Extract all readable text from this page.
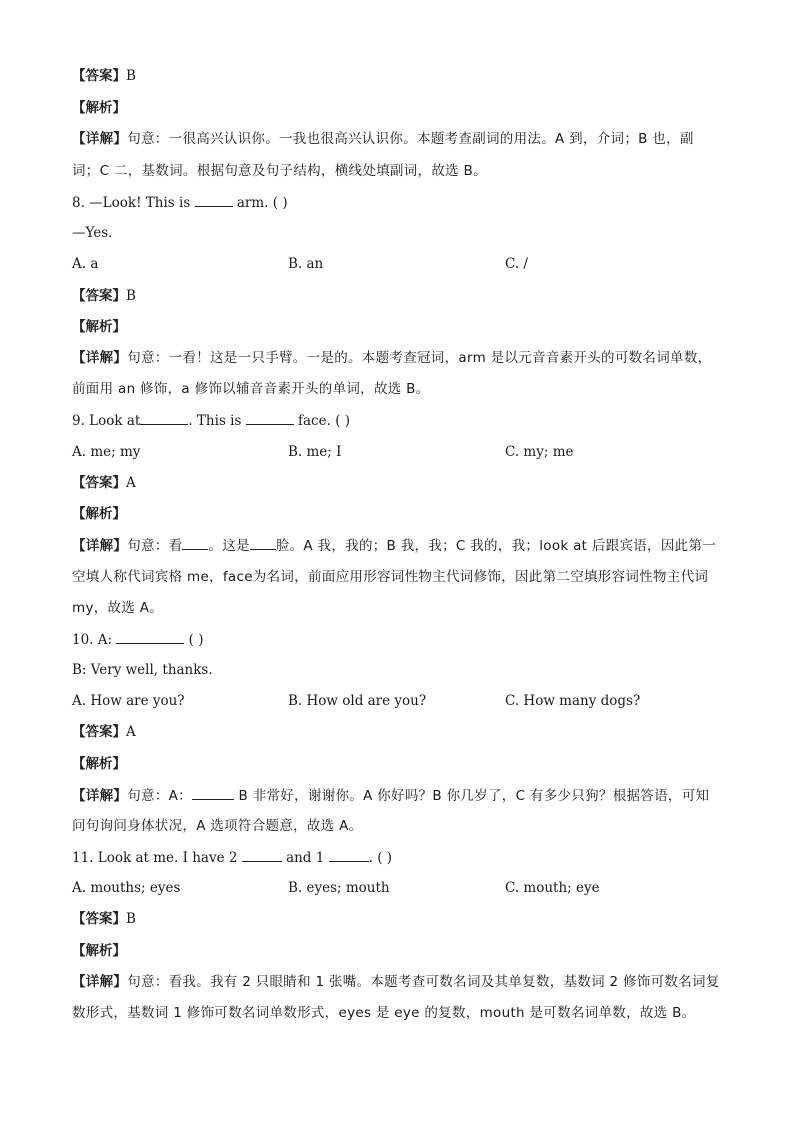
【答案】B
【解析】
【详解】句意：一很高兴认识你。一我也很高兴认识你。本题考查副词的用法。A 到，介词；B 也，副
词；C 二，基数词。根据句意及句子结构，横线处填副词，故选 B。
8. —Look! This is	arm. ( )
—Yes.
A. a	B. an	C. /
【答案】B
【解析】
【详解】句意：一看！这是一只手臂。一是的。本题考查冠词，arm 是以元音音素开头的可数名词单数，
前面用 an 修饰，a 修饰以辅音音素开头的单词，故选 B。
9. Look at	. This is	face. ( )
A. me; my	B. me; I	C. my; me
【答案】A
【解析】
【详解】句意：看 。这是 脸。A 我，我的；B 我，我；C 我的，我；look at 后跟宾语，因此第一
空填人称代词宾格 me，face为名词，前面应用形容词性物主代词修饰，因此第二空填形容词性物主代词
my，故选 A。
10. A:	( )
B: Very well, thanks.
A. How are you?	B. How old are you?	C. How many dogs?
【答案】A
【解析】
【详解】句意：A：	B 非常好，谢谢你。A 你好吗？B 你几岁了，C 有多少只狗？根据答语，可知
问句询问身体状况，A 选项符合题意，故选 A。
11. Look at me. I have 2	and 1	. ( )
A. mouths; eyes	B. eyes; mouth	C. mouth; eye
【答案】B
【解析】
【详解】句意：看我。我有 2 只眼睛和 1 张嘴。本题考查可数名词及其单复数，基数词 2 修饰可数名词复
数形式，基数词 1 修饰可数名词单数形式，eyes 是 eye 的复数，mouth 是可数名词单数，故选 B。
